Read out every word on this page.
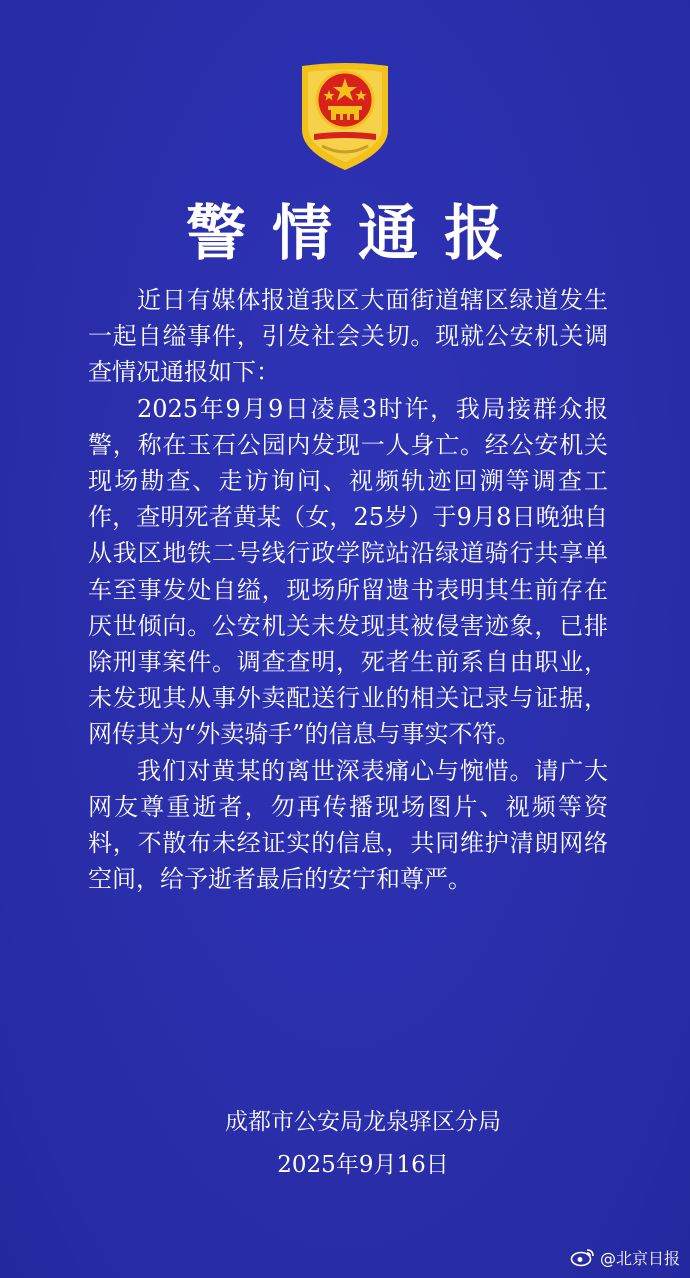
警情通报

近日有媒体报道我区大面街道辖区绿道发生一起自缢事件，引发社会关切。现就公安机关调查情况通报如下：

2025年9月9日凌晨3时许，我局接群众报警，称在玉石公园内发现一人身亡。经公安机关现场勘查、走访询问、视频轨迹回溯等调查工作，查明死者黄某（女，25岁）于9月8日晚独自从我区地铁二号线行政学院站沿绿道骑行共享单车至事发处自缢，现场所留遗书表明其生前存在厌世倾向。公安机关未发现其被侵害迹象，已排除刑事案件。调查查明，死者生前系自由职业，未发现其从事外卖配送行业的相关记录与证据，网传其为“外卖骑手”的信息与事实不符。

我们对黄某的离世深表痛心与惋惜。请广大网友尊重逝者，勿再传播现场图片、视频等资料，不散布未经证实的信息，共同维护清朗网络空间，给予逝者最后的安宁和尊严。

成都市公安局龙泉驿区分局
2025年9月16日
@北京日报
